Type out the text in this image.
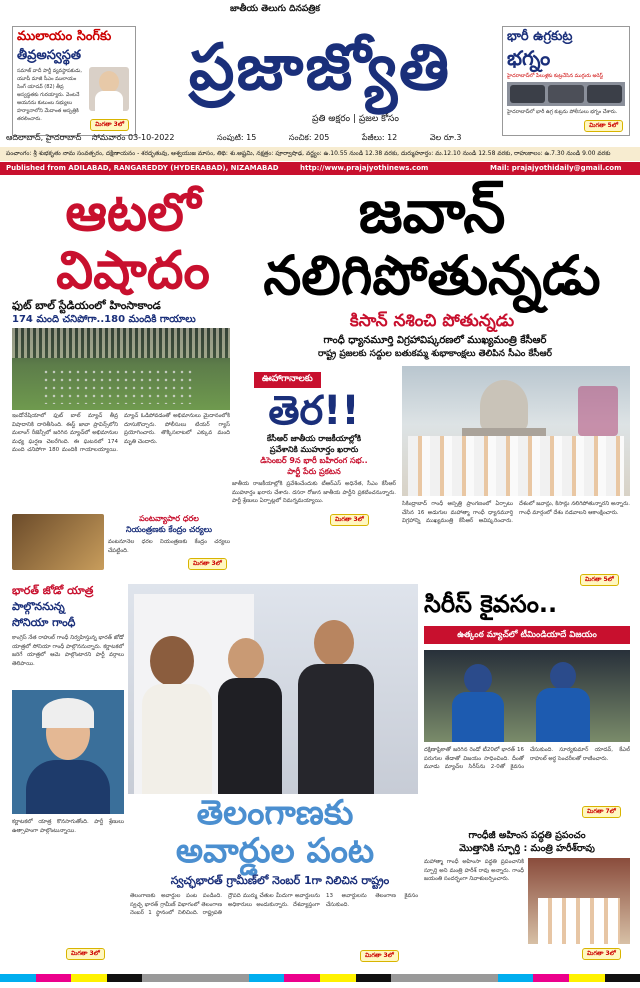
జాతీయ తెలుగు దినపత్రిక
ప్రజాజ్యోతి
ప్రతి అక్షరం | ప్రజల కోసం
ములాయం సింగ్‌కు
తీవ్రఅస్వస్థత
సమాజ్ వాదీ పార్టీ వ్యవస్థాపకుడు, యూపీ మాజీ సీఎం ములాయం సింగ్ యాదవ్ (82) తీవ్ర అస్వస్థతకు గురయ్యారు. వెంటనే ఆయనను కుటుంబ సభ్యులు హర్యానాలోని మేదాంత ఆస్పత్రికి తరలించారు.
మిగతా 3లో
భారీ ఉగ్రకుట్ర
భగ్నం
హైదరాబాద్‌లో పేలుళ్లకు కుట్రచేసిన ముగ్గురు అరెస్ట్
హైదరాబాద్‌లో భారీ ఉగ్ర కుట్రను పోలీసులు భగ్నం చేశారు.
మిగతా 5లో
ఆదిలాబాద్, హైదరాబాద్ సోమవారం 03-10-2022	సంపుటి: 15	సంచిక: 205	పేజీలు: 12	వెల రూ.3
పంచాంగం: శ్రీ శుభకృతు నామ సంవత్సరం, దక్షిణాయనం - శరదృతువు, ఆశ్వయుజ మాసం, తిథి: శు.అష్టమి, నక్షత్రం: పూర్వాషాఢ, వర్జ్యం: ఉ.10.55 నుండి 12.38 వరకు, దుర్ముహూర్తం: మ.12.10 నుండి 12.58 వరకు, రాహుకాలం: ఉ.7.30 నుండి 9.00 వరకు
Published from ADILABAD, RANGAREDDY (HYDERABAD), NIZAMABAD	http://www.prajajyothinews.com	Mail: prajajyothidaily@gmail.com
ఆటలో
విషాదం
ఫుట్ బాల్ స్టేడియంలో హింసాకాండ
174 మంది చనిపోగా..180 మందికి గాయాలు
ఇండోనేషియాలో ఫుట్ బాల్ మ్యాచ్ తీవ్ర విషాదానికి దారితీసింది. ఈస్ట్ జావా ప్రావిన్స్‌లోని మలాంగ్ రీజెన్సీలో జరిగిన మ్యాచ్‌లో అభిమానుల మధ్య ఘర్షణ చెలరేగింది. ఈ ఘటనలో 174 మంది చనిపోగా 180 మందికి గాయాలయ్యాయి. మ్యాచ్ ఓడిపోవడంతో అభిమానులు మైదానంలోకి దూసుకొచ్చారు. పోలీసులు టియర్ గ్యాస్ ప్రయోగించారు. తొక్కిసలాటలో ఎక్కువ మంది మృతి చెందారు.
పంటవ్యాపార ధరల
నియంత్రణకు కేంద్రం చర్యలు
వంటనూనెల ధరల నియంత్రణకు కేంద్రం చర్యలు చేపట్టింది.
మిగతా 3లో
జవాన్
నలిగిపోతున్నడు
కిసాన్ నశించి పోతున్నడు
గాంధీ ధ్యానమూర్తి విగ్రహావిష్కరణలో ముఖ్యమంత్రి కేసీఆర్
రాష్ట్ర ప్రజలకు సద్దుల బతుకమ్మ శుభాకాంక్షలు తెలిపిన సీఎం కేసీఆర్
ఊహాగానాలకు
తెర!!
కేసీఆర్ జాతీయ రాజకీయాల్లోకి
ప్రవేశానికి ముహూర్తం ఖరారు
డిసెంబర్ 9న భారీ బహిరంగ సభ..
పార్టీ పేరు ప్రకటన
జాతీయ రాజకీయాల్లోకి ప్రవేశించేందుకు టీఆర్ఎస్ అధినేత, సీఎం కేసీఆర్ ముహూర్తం ఖరారు చేశారు. దసరా రోజున జాతీయ పార్టీని ప్రకటించనున్నారు. పార్టీ శ్రేణులు ఏర్పాట్లలో నిమగ్నమయ్యాయి.
మిగతా 3లో
సికింద్రాబాద్ గాంధీ ఆస్పత్రి ప్రాంగణంలో ఏర్పాటు చేసిన 16 అడుగుల మహాత్మా గాంధీ ధ్యానమూర్తి విగ్రహాన్ని ముఖ్యమంత్రి కేసీఆర్ ఆవిష్కరించారు. దేశంలో జవాన్లు, కిసాన్లు నలిగిపోతున్నారని అన్నారు. గాంధీ మార్గంలో దేశం నడవాలని ఆకాంక్షించారు.
మిగతా 5లో
భారత్ జోడో యాత్ర
పాల్గొననున్న
సోనియా గాంధీ
కాంగ్రెస్ నేత రాహుల్ గాంధీ నిర్వహిస్తున్న భారత్ జోడో యాత్రలో సోనియా గాంధీ పాల్గొననున్నారు. కర్ణాటకలో జరిగే యాత్రలో ఆమె పాల్గొంటారని పార్టీ వర్గాలు తెలిపాయి.
కర్ణాటకలో యాత్ర కొనసాగుతోంది. పార్టీ శ్రేణులు ఉత్సాహంగా పాల్గొంటున్నాయి.
మిగతా 3లో
తెలంగాణకు
అవార్డుల పంట
స్వచ్ఛభారత్ గ్రామీణ్‌లో నెంబర్ 1గా నిలిచిన రాష్ట్రం
తెలంగాణకు అవార్డుల పంట పండింది. స్వచ్ఛ భారత్ గ్రామీణ్ విభాగంలో తెలంగాణ నెంబర్ 1 స్థానంలో నిలిచింది. రాష్ట్రపతి ద్రౌపది ముర్ము చేతుల మీదుగా అవార్డులను అధికారులు అందుకున్నారు. దేశవ్యాప్తంగా 13 అవార్డులను తెలంగాణ కైవసం చేసుకుంది.
మిగతా 3లో
సిరీస్ కైవసం..
ఉత్కంఠ మ్యాచ్‌లో టీమిండియాదే విజయం
దక్షిణాఫ్రికాతో జరిగిన రెండో టీ20లో భారత్ 16 పరుగుల తేడాతో విజయం సాధించింది. దీంతో మూడు మ్యాచ్‌ల సిరీస్‌ను 2-0తో కైవసం చేసుకుంది. సూర్యకుమార్ యాదవ్, కేఎల్ రాహుల్ అర్ధ సెంచరీలతో రాణించారు.
మిగతా 7లో
గాంధీజీ అహింస పద్ధతి ప్రపంచం
మొత్తానికి స్ఫూర్తి : మంత్రి హరీశ్‌రావు
మహాత్మా గాంధీ అహింసా పద్ధతి ప్రపంచానికి స్ఫూర్తి అని మంత్రి హరీశ్ రావు అన్నారు. గాంధీ జయంతి సందర్భంగా నివాళులర్పించారు.
మిగతా 3లో
